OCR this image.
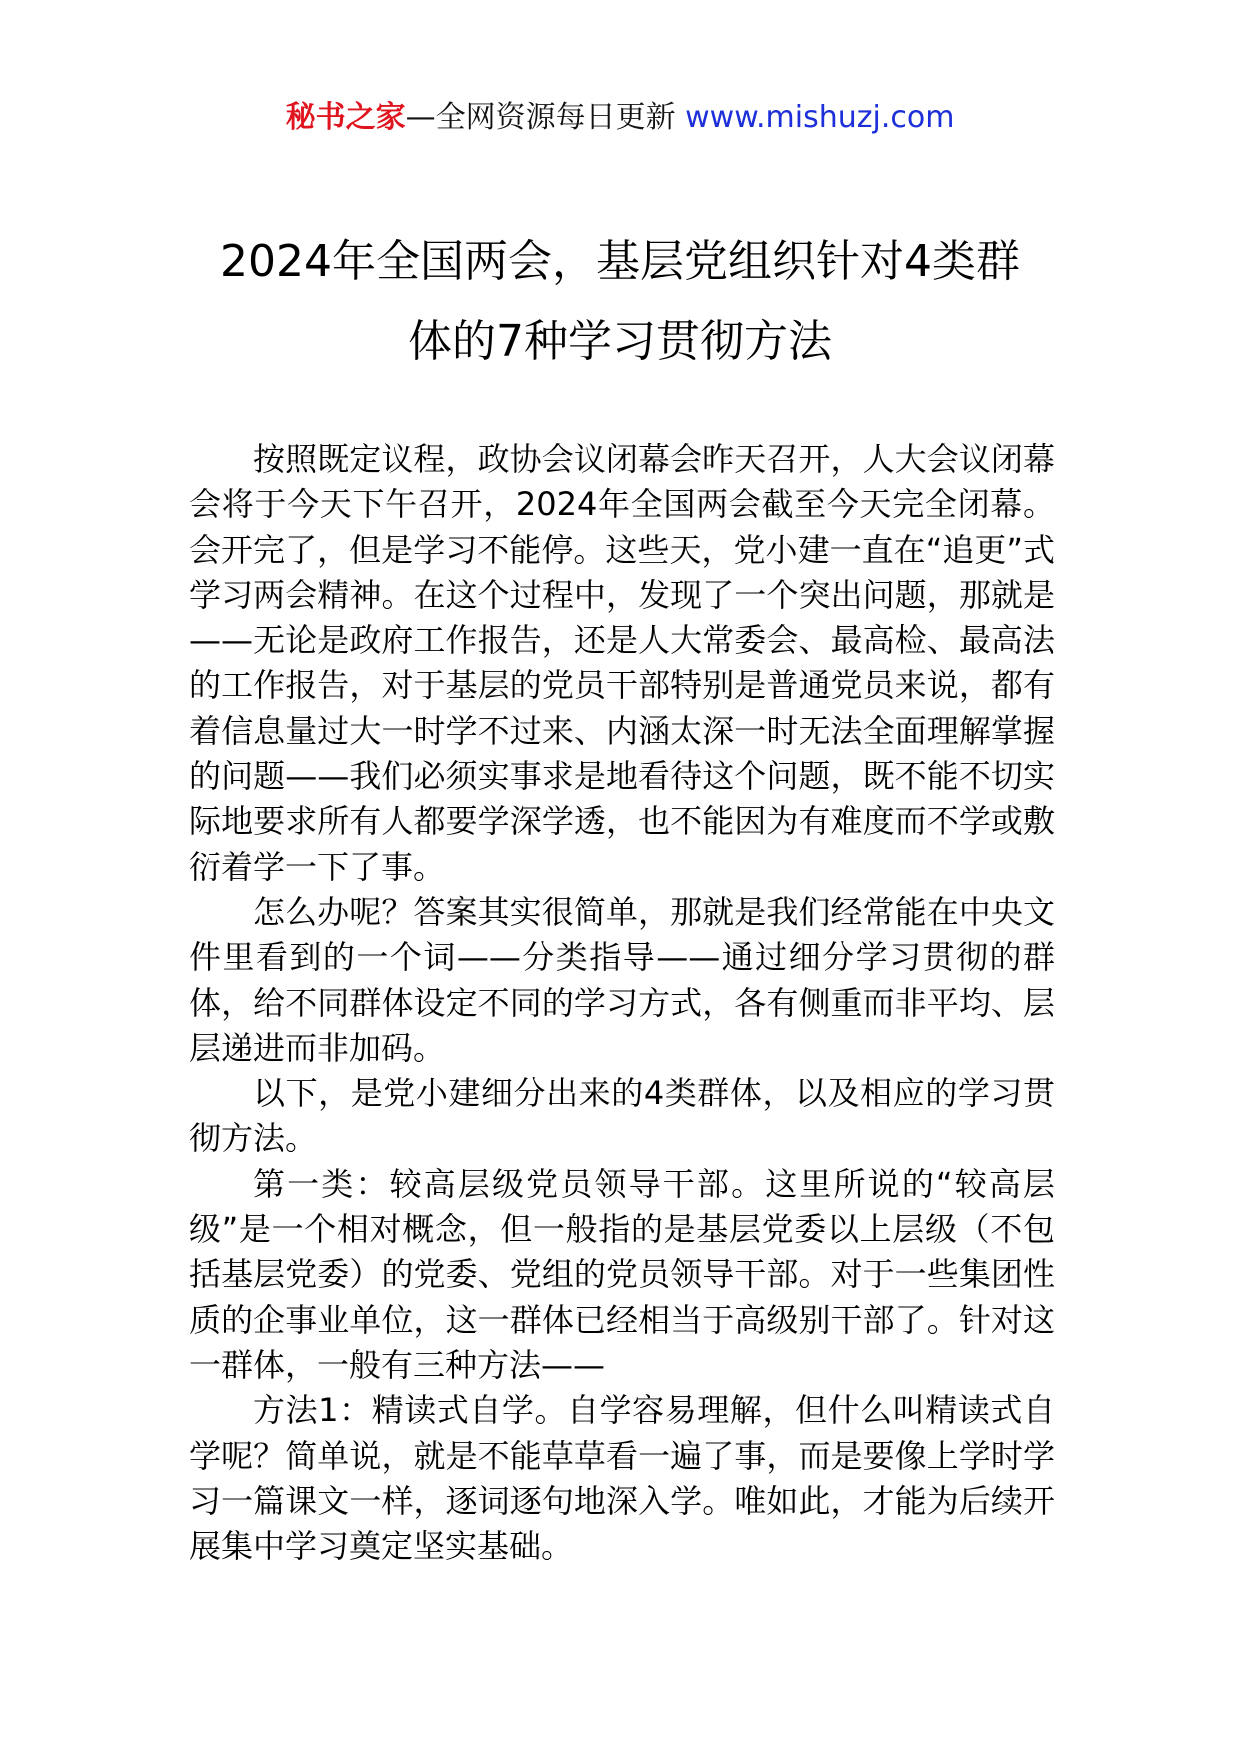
秘书之家—全网资源每日更新 www.mishuzj.com
2024年全国两会，基层党组织针对4类群
体的7种学习贯彻方法

按照既定议程，政协会议闭幕会昨天召开，人大会议闭幕会将于今天下午召开，2024年全国两会截至今天完全闭幕。会开完了，但是学习不能停。这些天，党小建一直在“追更”式学习两会精神。在这个过程中，发现了一个突出问题，那就是——无论是政府工作报告，还是人大常委会、最高检、最高法的工作报告，对于基层的党员干部特别是普通党员来说，都有着信息量过大一时学不过来、内涵太深一时无法全面理解掌握的问题——我们必须实事求是地看待这个问题，既不能不切实际地要求所有人都要学深学透，也不能因为有难度而不学或敷衍着学一下了事。

怎么办呢？答案其实很简单，那就是我们经常能在中央文件里看到的一个词——分类指导——通过细分学习贯彻的群体，给不同群体设定不同的学习方式，各有侧重而非平均、层层递进而非加码。

以下，是党小建细分出来的4类群体，以及相应的学习贯彻方法。

第一类：较高层级党员领导干部。这里所说的“较高层级”是一个相对概念，但一般指的是基层党委以上层级（不包括基层党委）的党委、党组的党员领导干部。对于一些集团性质的企事业单位，这一群体已经相当于高级别干部了。针对这一群体，一般有三种方法——

方法1：精读式自学。自学容易理解，但什么叫精读式自学呢？简单说，就是不能草草看一遍了事，而是要像上学时学习一篇课文一样，逐词逐句地深入学。唯如此，才能为后续开展集中学习奠定坚实基础。
